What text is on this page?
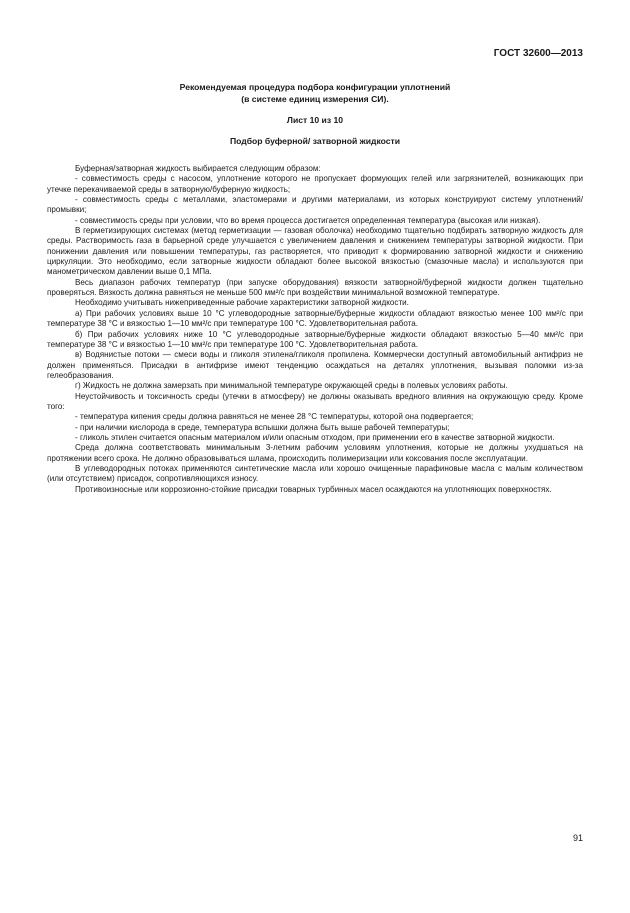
ГОСТ 32600—2013
Рекомендуемая процедура подбора конфигурации уплотнений
(в системе единиц измерения СИ).
Лист 10 из 10
Подбор буферной/ затворной жидкости

Буферная/затворная жидкость выбирается следующим образом:

- совместимость среды с насосом, уплотнение которого не пропускает формующих гелей или загрязнителей, возникающих при утечке перекачиваемой среды в затворную/буферную жидкость;

- совместимость среды с металлами, эластомерами и другими материалами, из которых конструируют систему уплотнений/промывки;

- совместимость среды при условии, что во время процесса достигается определенная температура (высокая или низкая).

В герметизирующих системах (метод герметизации — газовая оболочка) необходимо тщательно подбирать затворную жидкость для среды. Растворимость газа в барьерной среде улучшается с увеличением давления и снижением температуры затворной жидкости. При понижении давления или повышении температуры, газ растворяется, что приводит к формированию затворной жидкости и снижению циркуляции. Это необходимо, если затворные жидкости обладают более высокой вязкостью (смазочные масла) и используются при манометрическом давлении выше 0,1 МПа.

Весь диапазон рабочих температур (при запуске оборудования) вязкости затворной/буферной жидкости должен тщательно проверяться. Вязкость должна равняться не меньше 500 мм²/с при воздействии минимальной возможной температуре.

Необходимо учитывать нижеприведенные рабочие характеристики затворной жидкости.

а) При рабочих условиях выше 10 °С углеводородные затворные/буферные жидкости обладают вязкостью менее 100 мм²/с при температуре 38 °С и вязкостью 1—10 мм²/с при температуре 100 °С. Удовлетворительная работа.

б) При рабочих условиях ниже 10 °С углеводородные затворные/буферные жидкости обладают вязкостью 5—40 мм²/с при температуре 38 °С и вязкостью 1—10 мм²/с при температуре 100 °С. Удовлетворительная работа.

в) Водянистые потоки — смеси воды и гликоля этилена/гликоля пропилена. Коммерчески доступный автомобильный антифриз не должен применяться. Присадки в антифризе имеют тенденцию осаждаться на деталях уплотнения, вызывая поломки из-за гелеобразования.

г) Жидкость не должна замерзать при минимальной температуре окружающей среды в полевых условиях работы.

Неустойчивость и токсичность среды (утечки в атмосферу) не должны оказывать вредного влияния на окружающую среду. Кроме того:

- температура кипения среды должна равняться не менее 28 °С температуры, которой она подвергается;

- при наличии кислорода в среде, температура вспышки должна быть выше рабочей температуры;

- гликоль этилен считается опасным материалом и/или опасным отходом, при применении его в качестве затворной жидкости.

Среда должна соответствовать минимальным 3-летним рабочим условиям уплотнения, которые не должны ухудшаться на протяжении всего срока. Не должно образовываться шлама, происходить полимеризации или коксования после эксплуатации.

В углеводородных потоках применяются синтетические масла или хорошо очищенные парафиновые масла с малым количеством (или отсутствием) присадок, сопротивляющихся износу.

Противоизносные или коррозионно-стойкие присадки товарных турбинных масел осаждаются на уплотняющих поверхностях.

91
